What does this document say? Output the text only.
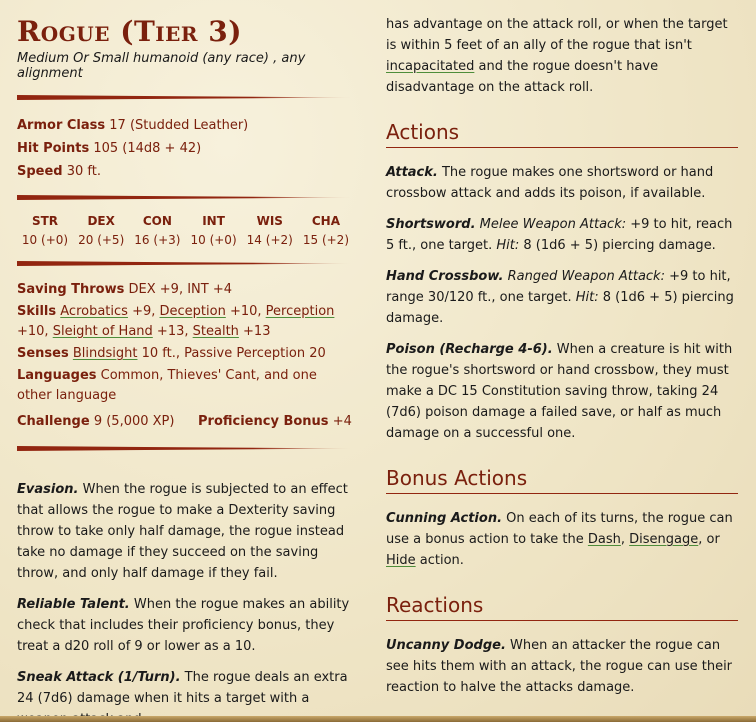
Rogue (Tier 3)
Medium Or Small humanoid (any race) , any alignment
Armor Class 17 (Studded Leather)
Hit Points 105 (14d8 + 42)
Speed 30 ft.
STR
10 (+0)
DEX
20 (+5)
CON
16 (+3)
INT
10 (+0)
WIS
14 (+2)
CHA
15 (+2)
Saving Throws DEX +9, INT +4
Skills Acrobatics +9, Deception +10, Perception +10, Sleight of Hand +13, Stealth +13
Senses Blindsight 10 ft., Passive Perception 20
Languages Common, Thieves' Cant, and one other language
Challenge 9 (5,000 XP)	Proficiency Bonus +4
Evasion. When the rogue is subjected to an effect that allows the rogue to make a Dexterity saving throw to take only half damage, the rogue instead take no damage if they succeed on the saving throw, and only half damage if they fail.
Reliable Talent. When the rogue makes an ability check that includes their proficiency bonus, they treat a d20 roll of 9 or lower as a 10.
Sneak Attack (1/Turn). The rogue deals an extra 24 (7d6) damage when it hits a target with a
has advantage on the attack roll, or when the target is within 5 feet of an ally of the rogue that isn't incapacitated and the rogue doesn't have disadvantage on the attack roll.
Actions
Attack. The rogue makes one shortsword or hand crossbow attack and adds its poison, if available.
Shortsword. Melee Weapon Attack: +9 to hit, reach 5 ft., one target. Hit: 8 (1d6 + 5) piercing damage.
Hand Crossbow. Ranged Weapon Attack: +9 to hit, range 30/120 ft., one target. Hit: 8 (1d6 + 5) piercing damage.
Poison (Recharge 4-6). When a creature is hit with the rogue's shortsword or hand crossbow, they must make a DC 15 Constitution saving throw, taking 24 (7d6) poison damage a failed save, or half as much damage on a successful one.
Bonus Actions
Cunning Action. On each of its turns, the rogue can use a bonus action to take the Dash, Disengage, or Hide action.
Reactions
Uncanny Dodge. When an attacker the rogue can see hits them with an attack, the rogue can use their reaction to halve the attacks damage.
